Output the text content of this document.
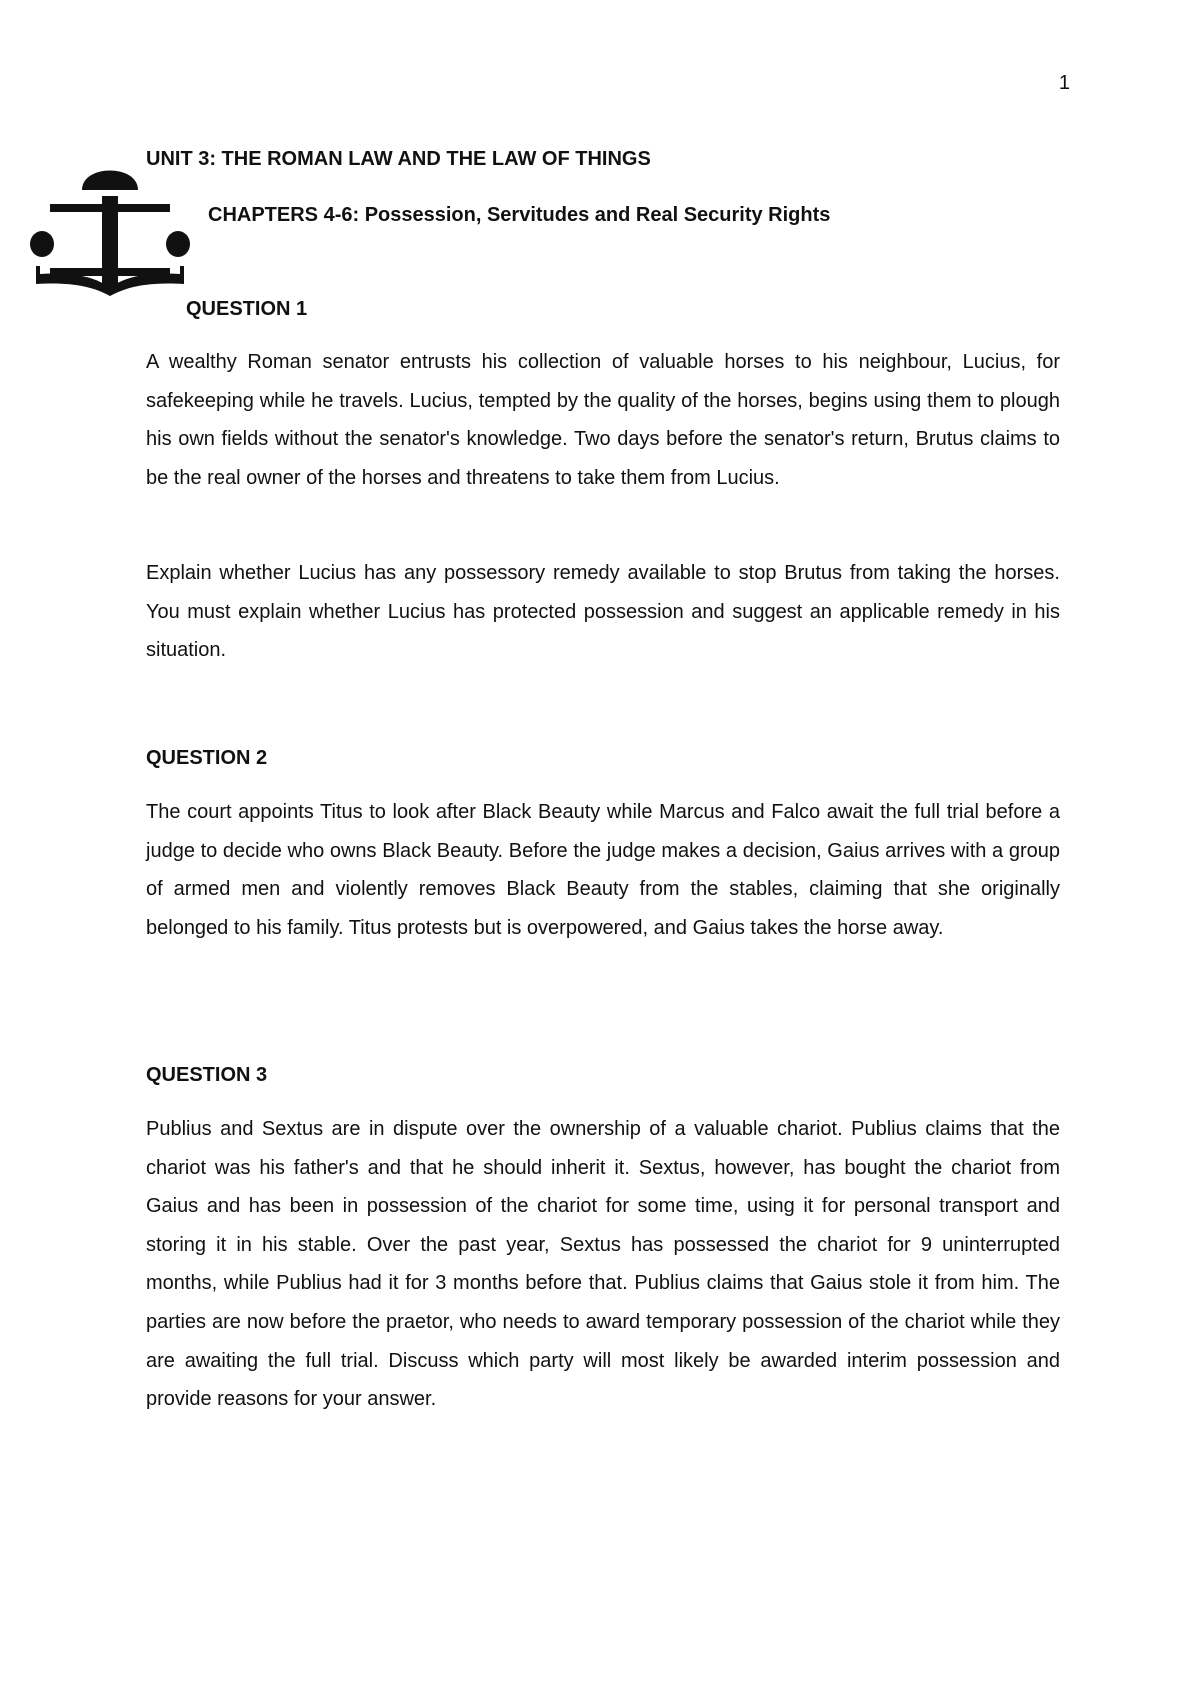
1
UNIT 3: THE ROMAN LAW AND THE LAW OF THINGS
CHAPTERS 4-6: Possession, Servitudes and Real Security Rights
QUESTION 1

A wealthy Roman senator entrusts his collection of valuable horses to his neighbour, Lucius, for safekeeping while he travels. Lucius, tempted by the quality of the horses, begins using them to plough his own fields without the senator's knowledge. Two days before the senator's return, Brutus claims to be the real owner of the horses and threatens to take them from Lucius.

Explain whether Lucius has any possessory remedy available to stop Brutus from taking the horses. You must explain whether Lucius has protected possession and suggest an applicable remedy in his situation.

QUESTION 2

The court appoints Titus to look after Black Beauty while Marcus and Falco await the full trial before a judge to decide who owns Black Beauty. Before the judge makes a decision, Gaius arrives with a group of armed men and violently removes Black Beauty from the stables, claiming that she originally belonged to his family. Titus protests but is overpowered, and Gaius takes the horse away.

QUESTION 3

Publius and Sextus are in dispute over the ownership of a valuable chariot. Publius claims that the chariot was his father's and that he should inherit it. Sextus, however, has bought the chariot from Gaius and has been in possession of the chariot for some time, using it for personal transport and storing it in his stable. Over the past year, Sextus has possessed the chariot for 9 uninterrupted months, while Publius had it for 3 months before that. Publius claims that Gaius stole it from him. The parties are now before the praetor, who needs to award temporary possession of the chariot while they are awaiting the full trial. Discuss which party will most likely be awarded interim possession and provide reasons for your answer.
